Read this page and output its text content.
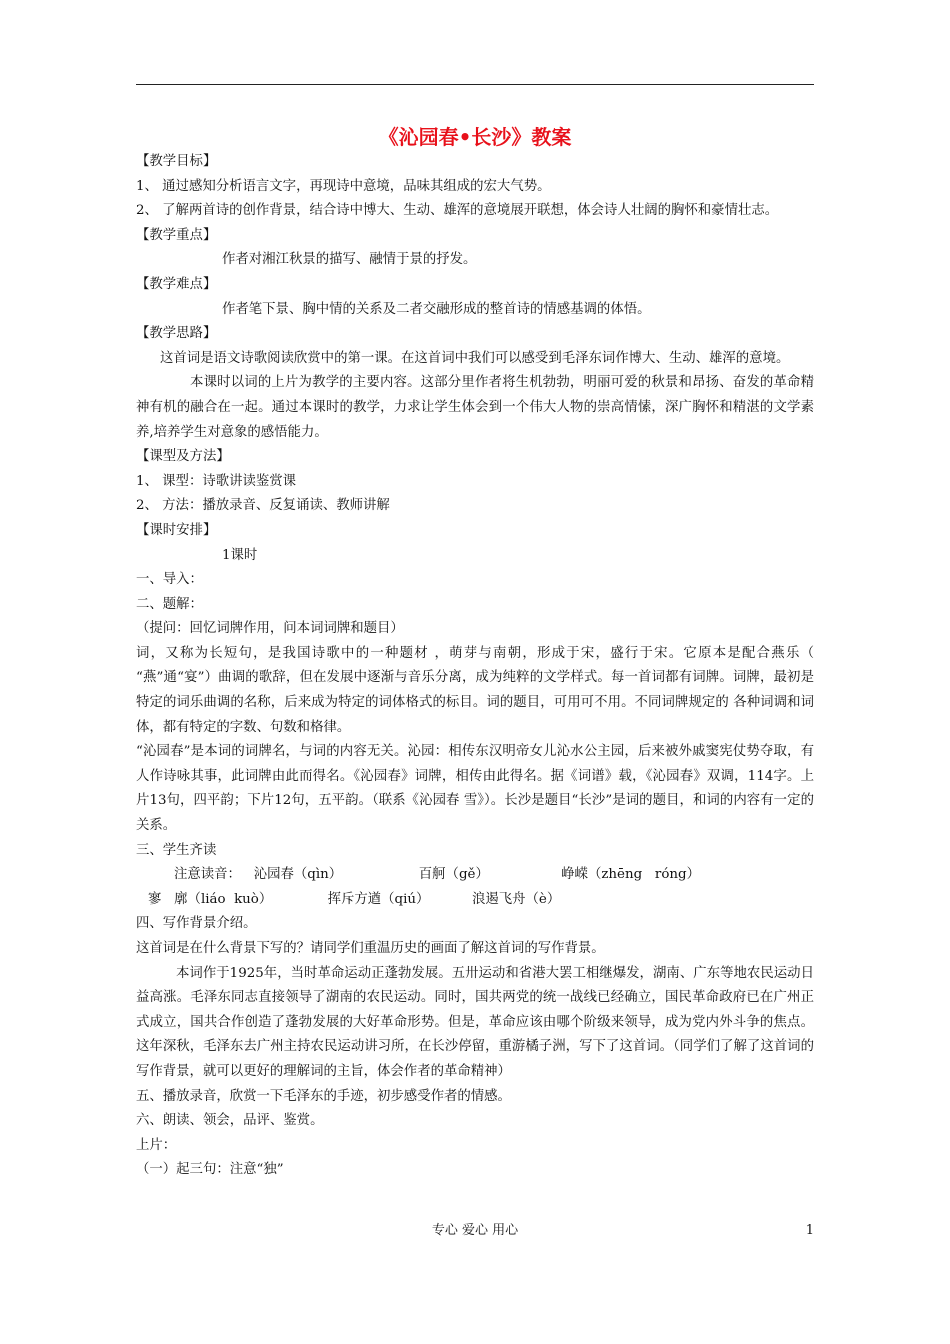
《沁园春•长沙》教案

【教学目标】

1、 通过感知分析语言文字，再现诗中意境，品味其组成的宏大气势。

2、 了解两首诗的创作背景，结合诗中博大、生动、雄浑的意境展开联想，体会诗人壮阔的胸怀和豪情壮志。

【教学重点】

作者对湘江秋景的描写、融情于景的抒发。

【教学难点】

作者笔下景、胸中情的关系及二者交融形成的整首诗的情感基调的体悟。

【教学思路】

这首词是语文诗歌阅读欣赏中的第一课。在这首词中我们可以感受到毛泽东词作博大、生动、雄浑的意境。

本课时以词的上片为教学的主要内容。这部分里作者将生机勃勃，明丽可爱的秋景和昂扬、奋发的革命精神有机的融合在一起。通过本课时的教学，力求让学生体会到一个伟大人物的崇高情愫，深广胸怀和精湛的文学素养,培养学生对意象的感悟能力。

【课型及方法】

1、 课型：诗歌讲读鉴赏课

2、 方法：播放录音、反复诵读、教师讲解

【课时安排】

1课时

一、导入：

二、题解：

（提问：回忆词牌作用，问本词词牌和题目）

词，又称为长短句，是我国诗歌中的一种题材 ，萌芽与南朝，形成于宋，盛行于宋。它原本是配合燕乐（ “燕”通“宴”）曲调的歌辞，但在发展中逐渐与音乐分离，成为纯粹的文学样式。每一首词都有词牌。词牌，最初是特定的词乐曲调的名称，后来成为特定的词体格式的标目。词的题目，可用可不用。不同词牌规定的 各种词调和词体，都有特定的字数、句数和格律。

“沁园春”是本词的词牌名，与词的内容无关。沁园：相传东汉明帝女儿沁水公主园，后来被外戚窦宪仗势夺取，有人作诗咏其事，此词牌由此而得名。《沁园春》词牌，相传由此得名。据《词谱》载，《沁园春》双调，114字。上片13句，四平韵；下片12句，五平韵。（联系《沁园春 雪》）。长沙是题目“长沙”是词的题目，和词的内容有一定的关系。

三、学生齐读

注意读音：   沁园春（qìn）                  百舸（gě）                 峥嵘（zhēng   róng）

寥   廓（liáo  kuò）             挥斥方遒（qiú）          浪遏飞舟（è）

四、写作背景介绍。

这首词是在什么背景下写的？请同学们重温历史的画面了解这首词的写作背景。

本词作于1925年，当时革命运动正蓬勃发展。五卅运动和省港大罢工相继爆发，湖南、广东等地农民运动日益高涨。毛泽东同志直接领导了湖南的农民运动。同时，国共两党的统一战线已经确立，国民革命政府已在广州正式成立，国共合作创造了蓬勃发展的大好革命形势。但是，革命应该由哪个阶级来领导，成为党内外斗争的焦点。这年深秋，毛泽东去广州主持农民运动讲习所，在长沙停留，重游橘子洲，写下了这首词。（同学们了解了这首词的写作背景，就可以更好的理解词的主旨，体会作者的革命精神）

五、播放录音，欣赏一下毛泽东的手迹，初步感受作者的情感。

六、朗读、领会，品评、鉴赏。

上片：

（一）起三句：注意“独”

专心 爱心 用心	1
